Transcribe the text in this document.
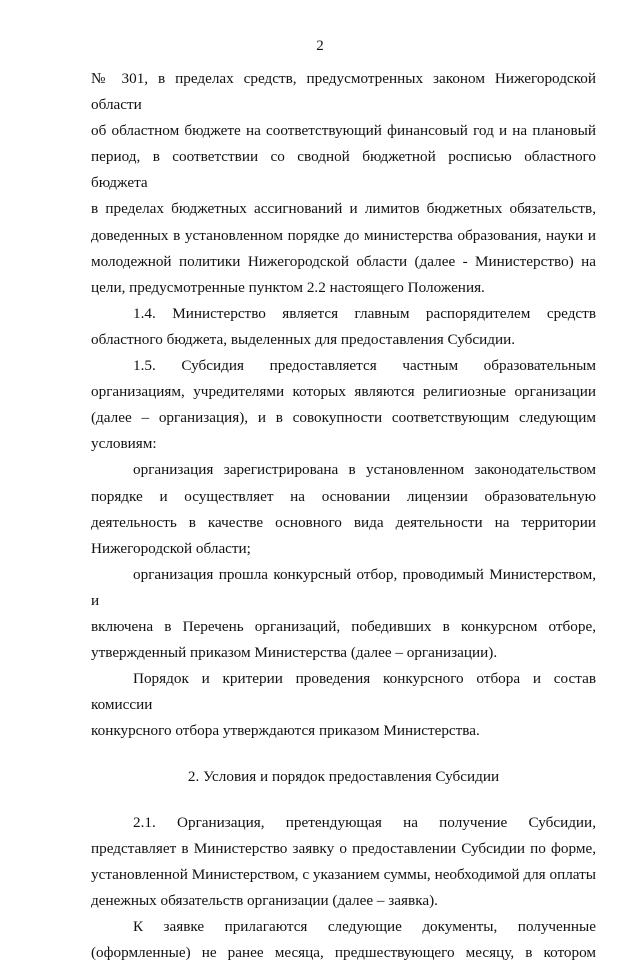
2

№ 301, в пределах средств, предусмотренных законом Нижегородской области

об областном бюджете на соответствующий финансовый год и на плановый

период, в соответствии со сводной бюджетной росписью областного бюджета

в пределах бюджетных ассигнований и лимитов бюджетных обязательств,

доведенных в установленном порядке до министерства образования, науки и

молодежной политики Нижегородской области (далее - Министерство) на

цели, предусмотренные пунктом 2.2 настоящего Положения.

1.4. Министерство является главным распорядителем средств

областного бюджета, выделенных для предоставления Субсидии.

1.5. Субсидия предоставляется частным образовательным

организациям, учредителями которых являются религиозные организации

(далее – организация), и в совокупности соответствующим следующим

условиям:

организация зарегистрирована в установленном законодательством

порядке и осуществляет на основании лицензии образовательную

деятельность в качестве основного вида деятельности на территории

Нижегородской области;

организация прошла конкурсный отбор, проводимый Министерством, и

включена в Перечень организаций, победивших в конкурсном отборе,

утвержденный приказом Министерства (далее – организации).

Порядок и критерии проведения конкурсного отбора и состав комиссии

конкурсного отбора утверждаются приказом Министерства.

2. Условия и порядок предоставления Субсидии

2.1. Организация, претендующая на получение Субсидии,

представляет в Министерство заявку о предоставлении Субсидии по форме,

установленной Министерством, с указанием суммы, необходимой для оплаты

денежных обязательств организации (далее – заявка).

К заявке прилагаются следующие документы, полученные

(оформленные) не ранее месяца, предшествующего месяцу, в котором
